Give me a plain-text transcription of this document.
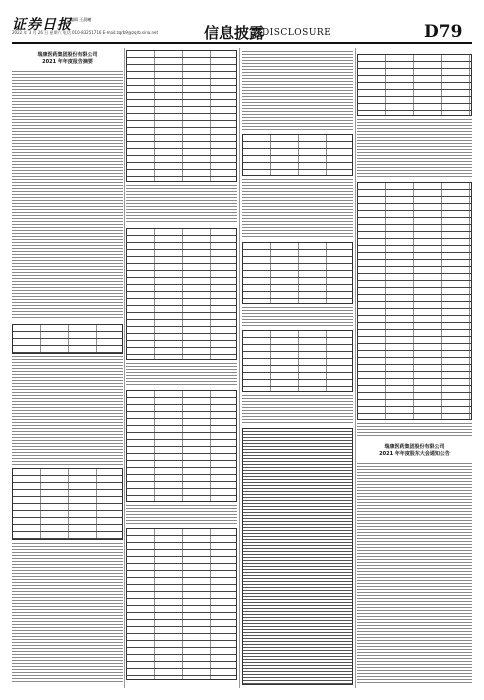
证券日报
编辑 王晨曦
2022 年 3 月 26 日 星期六 电话 010-83251716 E-mail:zqrb9@zqrb.sina.net	信息披露
DISCLOSURE	D79
瑞康医药集团股份有限公司
2021 年年度报告摘要
瑞康医药集团股份有限公司
2021 年年度股东大会通知公告
